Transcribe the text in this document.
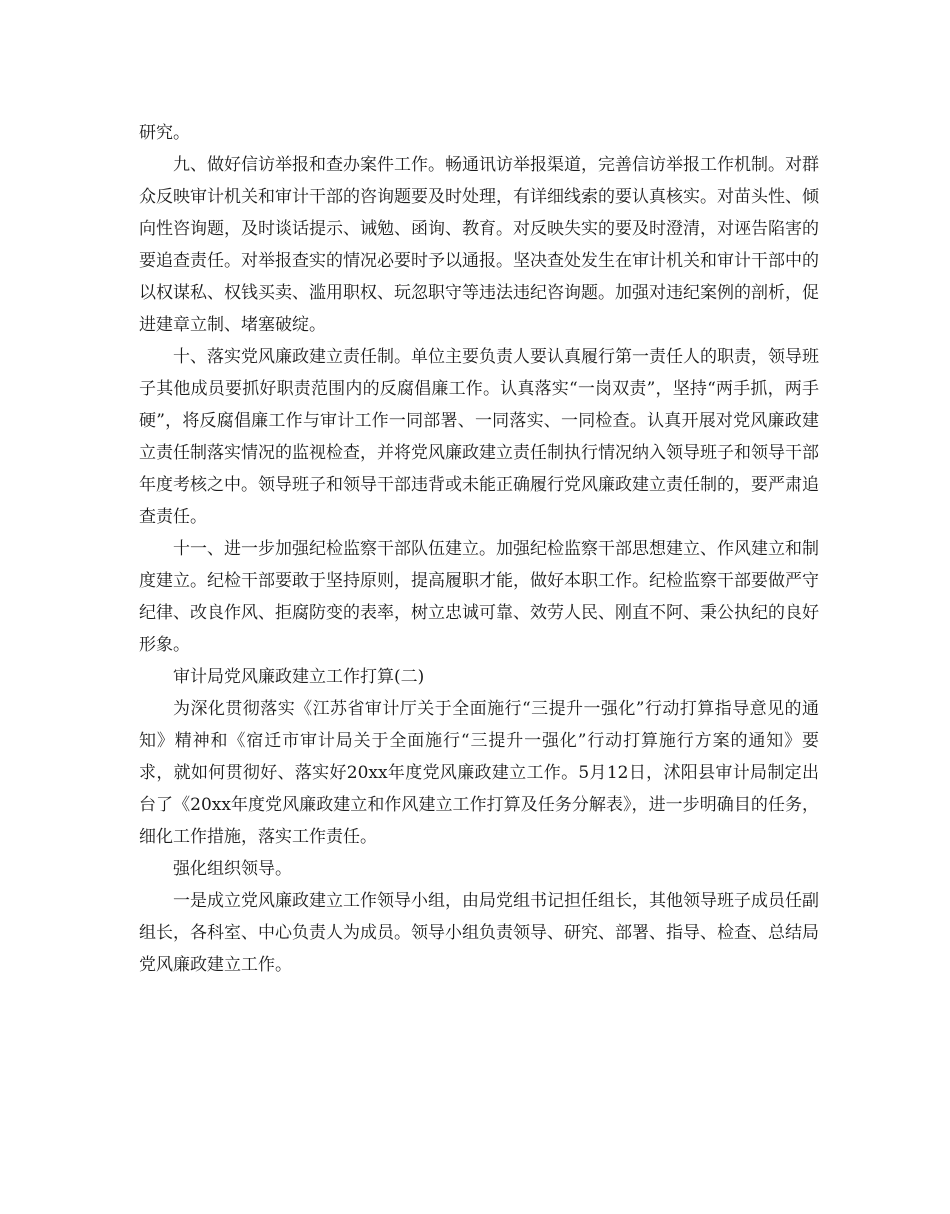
研究。

九、做好信访举报和查办案件工作。畅通讯访举报渠道，完善信访举报工作机制。对群众反映审计机关和审计干部的咨询题要及时处理，有详细线索的要认真核实。对苗头性、倾向性咨询题，及时谈话提示、诫勉、函询、教育。对反映失实的要及时澄清，对诬告陷害的要追查责任。对举报查实的情况必要时予以通报。坚决查处发生在审计机关和审计干部中的以权谋私、权钱买卖、滥用职权、玩忽职守等违法违纪咨询题。加强对违纪案例的剖析，促进建章立制、堵塞破绽。

十、落实党风廉政建立责任制。单位主要负责人要认真履行第一责任人的职责，领导班子其他成员要抓好职责范围内的反腐倡廉工作。认真落实“一岗双责”，坚持“两手抓，两手硬”，将反腐倡廉工作与审计工作一同部署、一同落实、一同检查。认真开展对党风廉政建立责任制落实情况的监视检查，并将党风廉政建立责任制执行情况纳入领导班子和领导干部年度考核之中。领导班子和领导干部违背或未能正确履行党风廉政建立责任制的，要严肃追查责任。

十一、进一步加强纪检监察干部队伍建立。加强纪检监察干部思想建立、作风建立和制度建立。纪检干部要敢于坚持原则，提高履职才能，做好本职工作。纪检监察干部要做严守纪律、改良作风、拒腐防变的表率，树立忠诚可靠、效劳人民、刚直不阿、秉公执纪的良好形象。

审计局党风廉政建立工作打算(二)

为深化贯彻落实《江苏省审计厅关于全面施行“三提升一强化”行动打算指导意见的通知》精神和《宿迁市审计局关于全面施行“三提升一强化”行动打算施行方案的通知》要求，就如何贯彻好、落实好20xx年度党风廉政建立工作。5月12日，沭阳县审计局制定出台了《20xx年度党风廉政建立和作风建立工作打算及任务分解表》，进一步明确目的任务，细化工作措施，落实工作责任。

强化组织领导。

一是成立党风廉政建立工作领导小组，由局党组书记担任组长，其他领导班子成员任副组长，各科室、中心负责人为成员。领导小组负责领导、研究、部署、指导、检查、总结局党风廉政建立工作。
